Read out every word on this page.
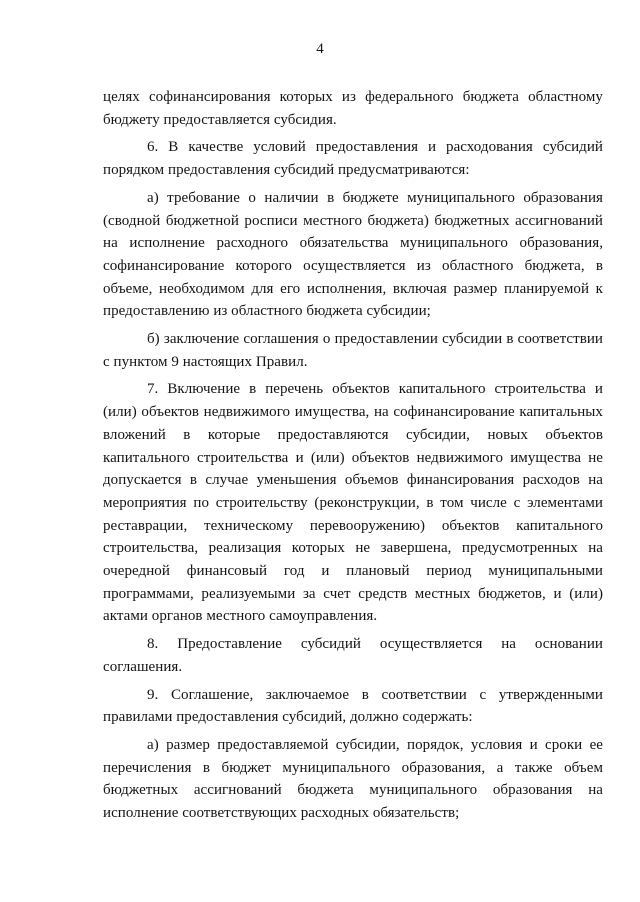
4

целях софинансирования которых из федерального бюджета областному бюджету предоставляется субсидия.

6. В качестве условий предоставления и расходования субсидий порядком предоставления субсидий предусматриваются:

а) требование о наличии в бюджете муниципального образования (сводной бюджетной росписи местного бюджета) бюджетных ассигнований на исполнение расходного обязательства муниципального образования, софинансирование которого осуществляется из областного бюджета, в объеме, необходимом для его исполнения, включая размер планируемой к предоставлению из областного бюджета субсидии;

б) заключение соглашения о предоставлении субсидии в соответствии с пунктом 9 настоящих Правил.

7. Включение в перечень объектов капитального строительства и (или) объектов недвижимого имущества, на софинансирование капитальных вложений в которые предоставляются субсидии, новых объектов капитального строительства и (или) объектов недвижимого имущества не допускается в случае уменьшения объемов финансирования расходов на мероприятия по строительству (реконструкции, в том числе с элементами реставрации, техническому перевооружению) объектов капитального строительства, реализация которых не завершена, предусмотренных на очередной финансовый год и плановый период муниципальными программами, реализуемыми за счет средств местных бюджетов, и (или) актами органов местного самоуправления.

8. Предоставление субсидий осуществляется на основании соглашения.

9. Соглашение, заключаемое в соответствии с утвержденными правилами предоставления субсидий, должно содержать:

а) размер предоставляемой субсидии, порядок, условия и сроки ее перечисления в бюджет муниципального образования, а также объем бюджетных ассигнований бюджета муниципального образования на исполнение соответствующих расходных обязательств;
